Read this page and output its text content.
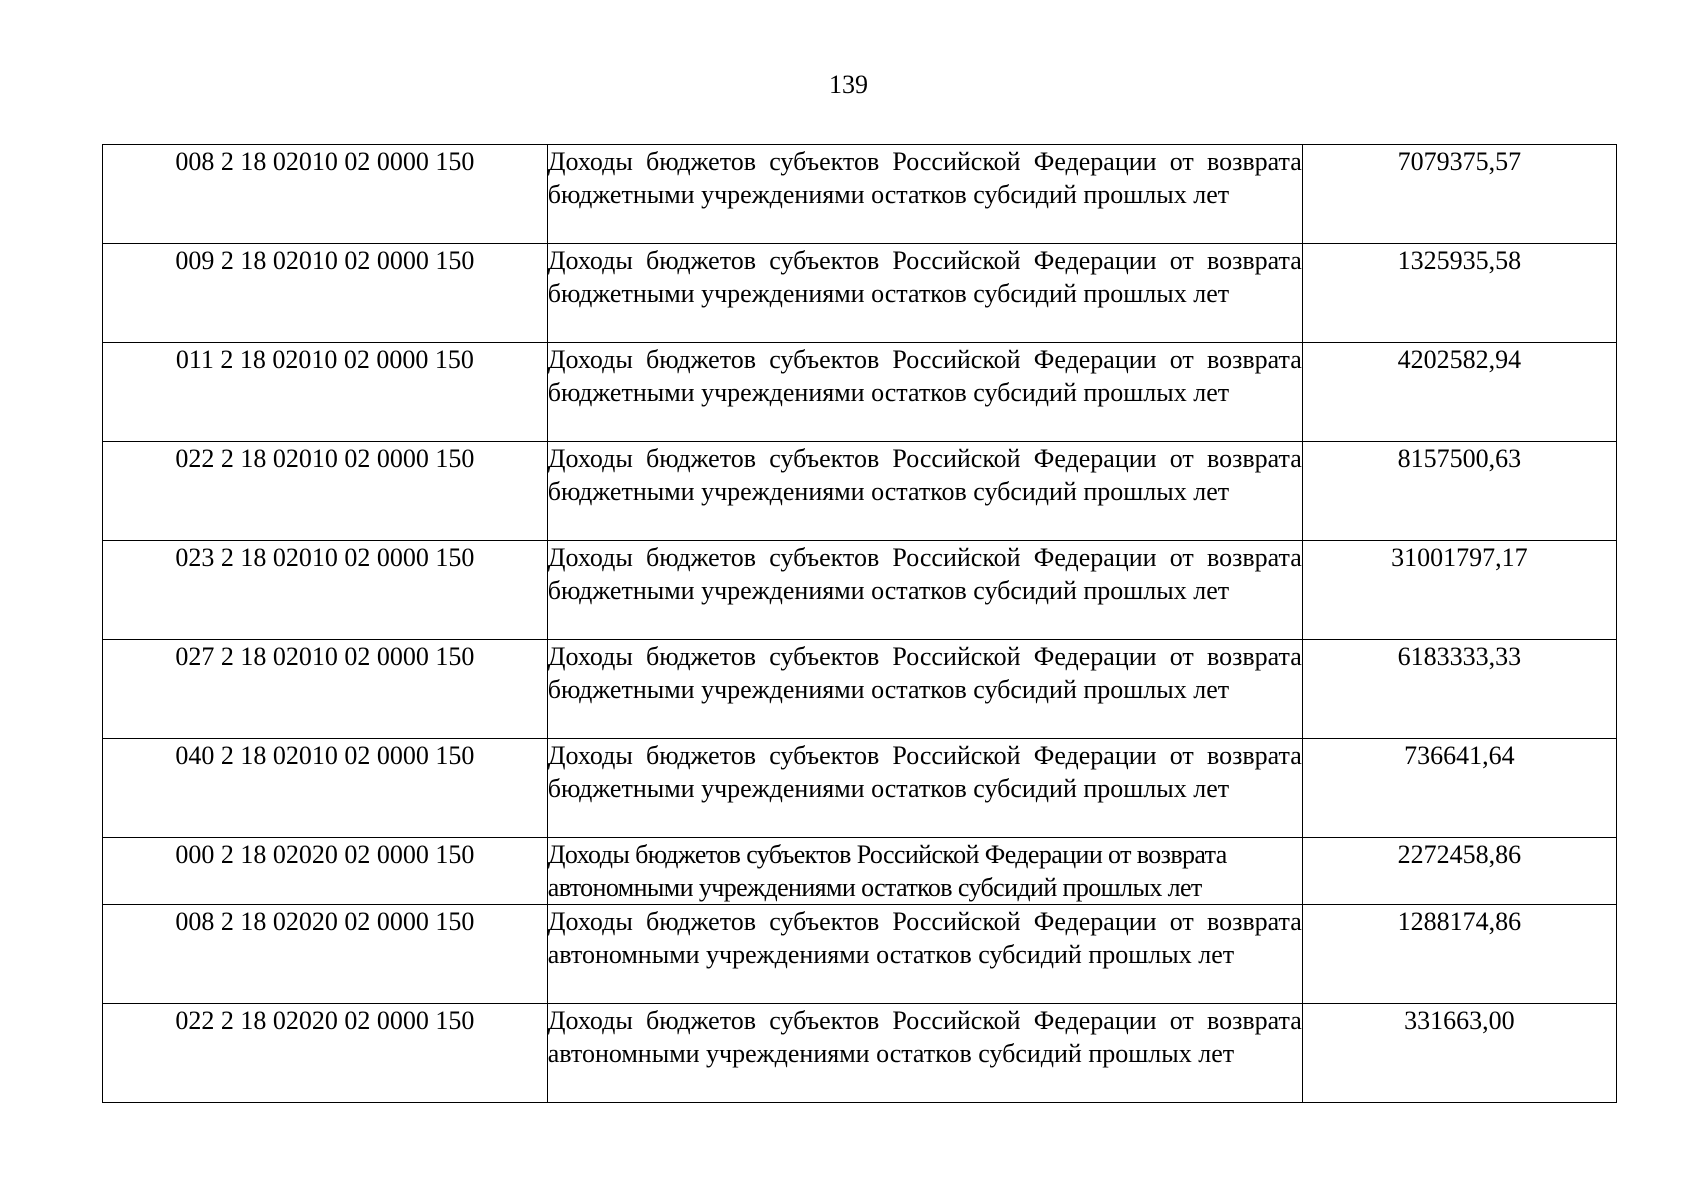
139
008 2 18 02010 02 0000 150	Доходы бюджетов субъектов Российской Федерации от возврата бюджетными учреждениями остатков субсидий прошлых лет	7079375,57
009 2 18 02010 02 0000 150	Доходы бюджетов субъектов Российской Федерации от возврата бюджетными учреждениями остатков субсидий прошлых лет	1325935,58
011 2 18 02010 02 0000 150	Доходы бюджетов субъектов Российской Федерации от возврата бюджетными учреждениями остатков субсидий прошлых лет	4202582,94
022 2 18 02010 02 0000 150	Доходы бюджетов субъектов Российской Федерации от возврата бюджетными учреждениями остатков субсидий прошлых лет	8157500,63
023 2 18 02010 02 0000 150	Доходы бюджетов субъектов Российской Федерации от возврата бюджетными учреждениями остатков субсидий прошлых лет	31001797,17
027 2 18 02010 02 0000 150	Доходы бюджетов субъектов Российской Федерации от возврата бюджетными учреждениями остатков субсидий прошлых лет	6183333,33
040 2 18 02010 02 0000 150	Доходы бюджетов субъектов Российской Федерации от возврата бюджетными учреждениями остатков субсидий прошлых лет	736641,64
000 2 18 02020 02 0000 150	Доходы бюджетов субъектов Российской Федерации от возврата автономными учреждениями остатков субсидий прошлых лет	2272458,86
008 2 18 02020 02 0000 150	Доходы бюджетов субъектов Российской Федерации от возврата автономными учреждениями остатков субсидий прошлых лет	1288174,86
022 2 18 02020 02 0000 150	Доходы бюджетов субъектов Российской Федерации от возврата автономными учреждениями остатков субсидий прошлых лет	331663,00
